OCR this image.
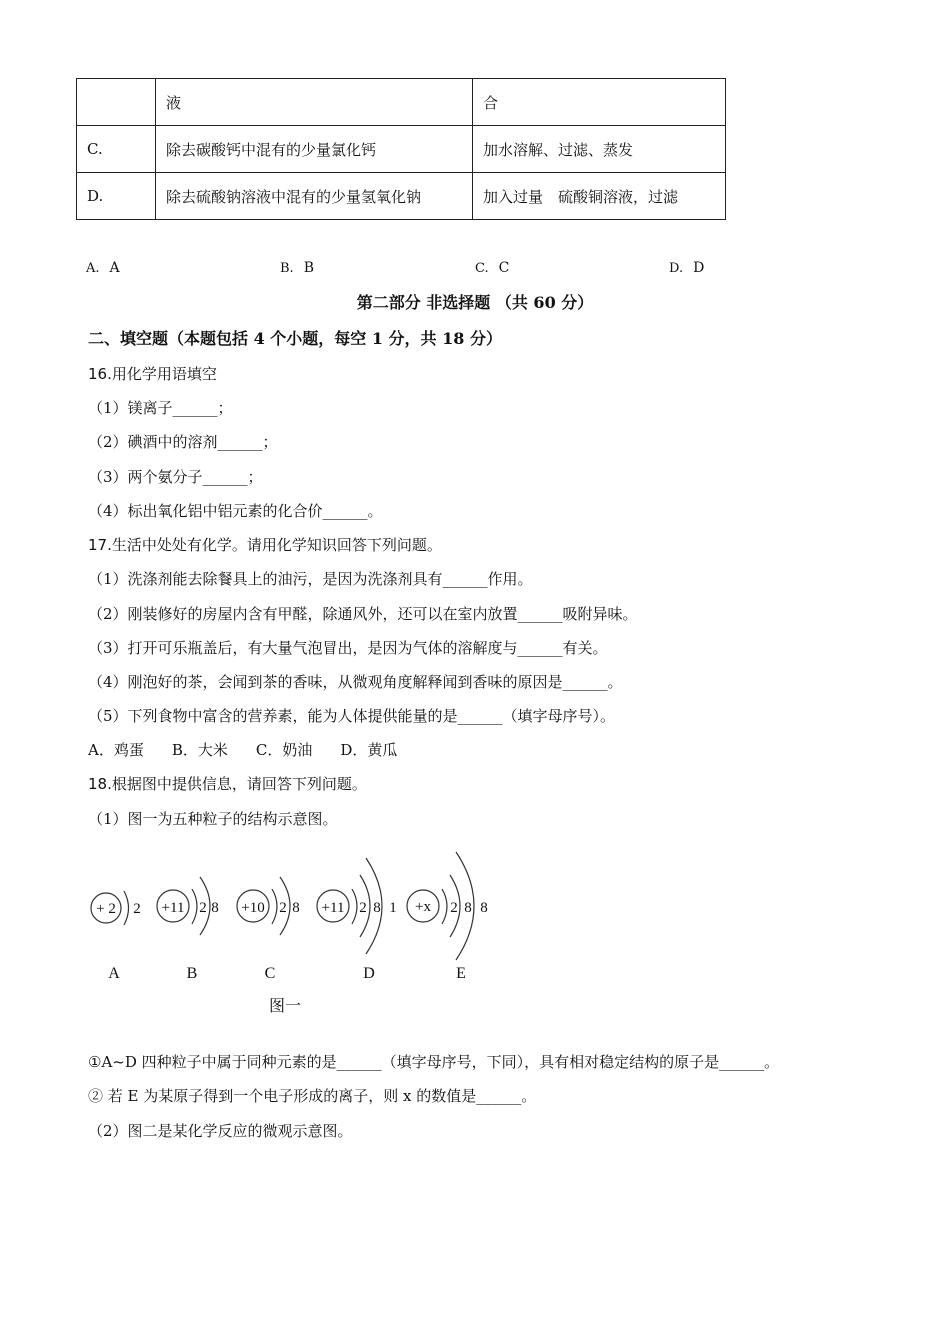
	液	合
C.	除去碳酸钙中混有的少量氯化钙	加水溶解、过滤、蒸发
D.	除去硫酸钠溶液中混有的少量氢氧化钠	加入过量　硫酸铜溶液，过滤
A. A	B. B	C. C	D. D
第二部分 非选择题 （共 60 分）
二、填空题（本题包括 4 个小题，每空 1 分，共 18 分）
16.用化学用语填空
（1）镁离子______；
（2）碘酒中的溶剂______；
（3）两个氨分子______；
（4）标出氧化铝中铝元素的化合价______。
17.生活中处处有化学。请用化学知识回答下列问题。
（1）洗涤剂能去除餐具上的油污，是因为洗涤剂具有______作用。
（2）刚装修好的房屋内含有甲醛，除通风外，还可以在室内放置______吸附异味。
（3）打开可乐瓶盖后，有大量气泡冒出，是因为气体的溶解度与______有关。
（4）刚泡好的茶，会闻到茶的香味，从微观角度解释闻到香味的原因是______。
（5）下列食物中富含的营养素，能为人体提供能量的是______（填字母序号）。
A．鸡蛋 B．大米 C．奶油 D．黄瓜
18.根据图中提供信息，请回答下列问题。
（1）图一为五种粒子的结构示意图。
+ 2 2 +11 2 8 +10 2 8 +11 2 8 1 +x 2 8 8
A	B	C	D	E
图一
①A~D 四种粒子中属于同种元素的是______（填字母序号，下同），具有相对稳定结构的原子是______。
② 若 E 为某原子得到一个电子形成的离子，则 x 的数值是______。
（2）图二是某化学反应的微观示意图。
